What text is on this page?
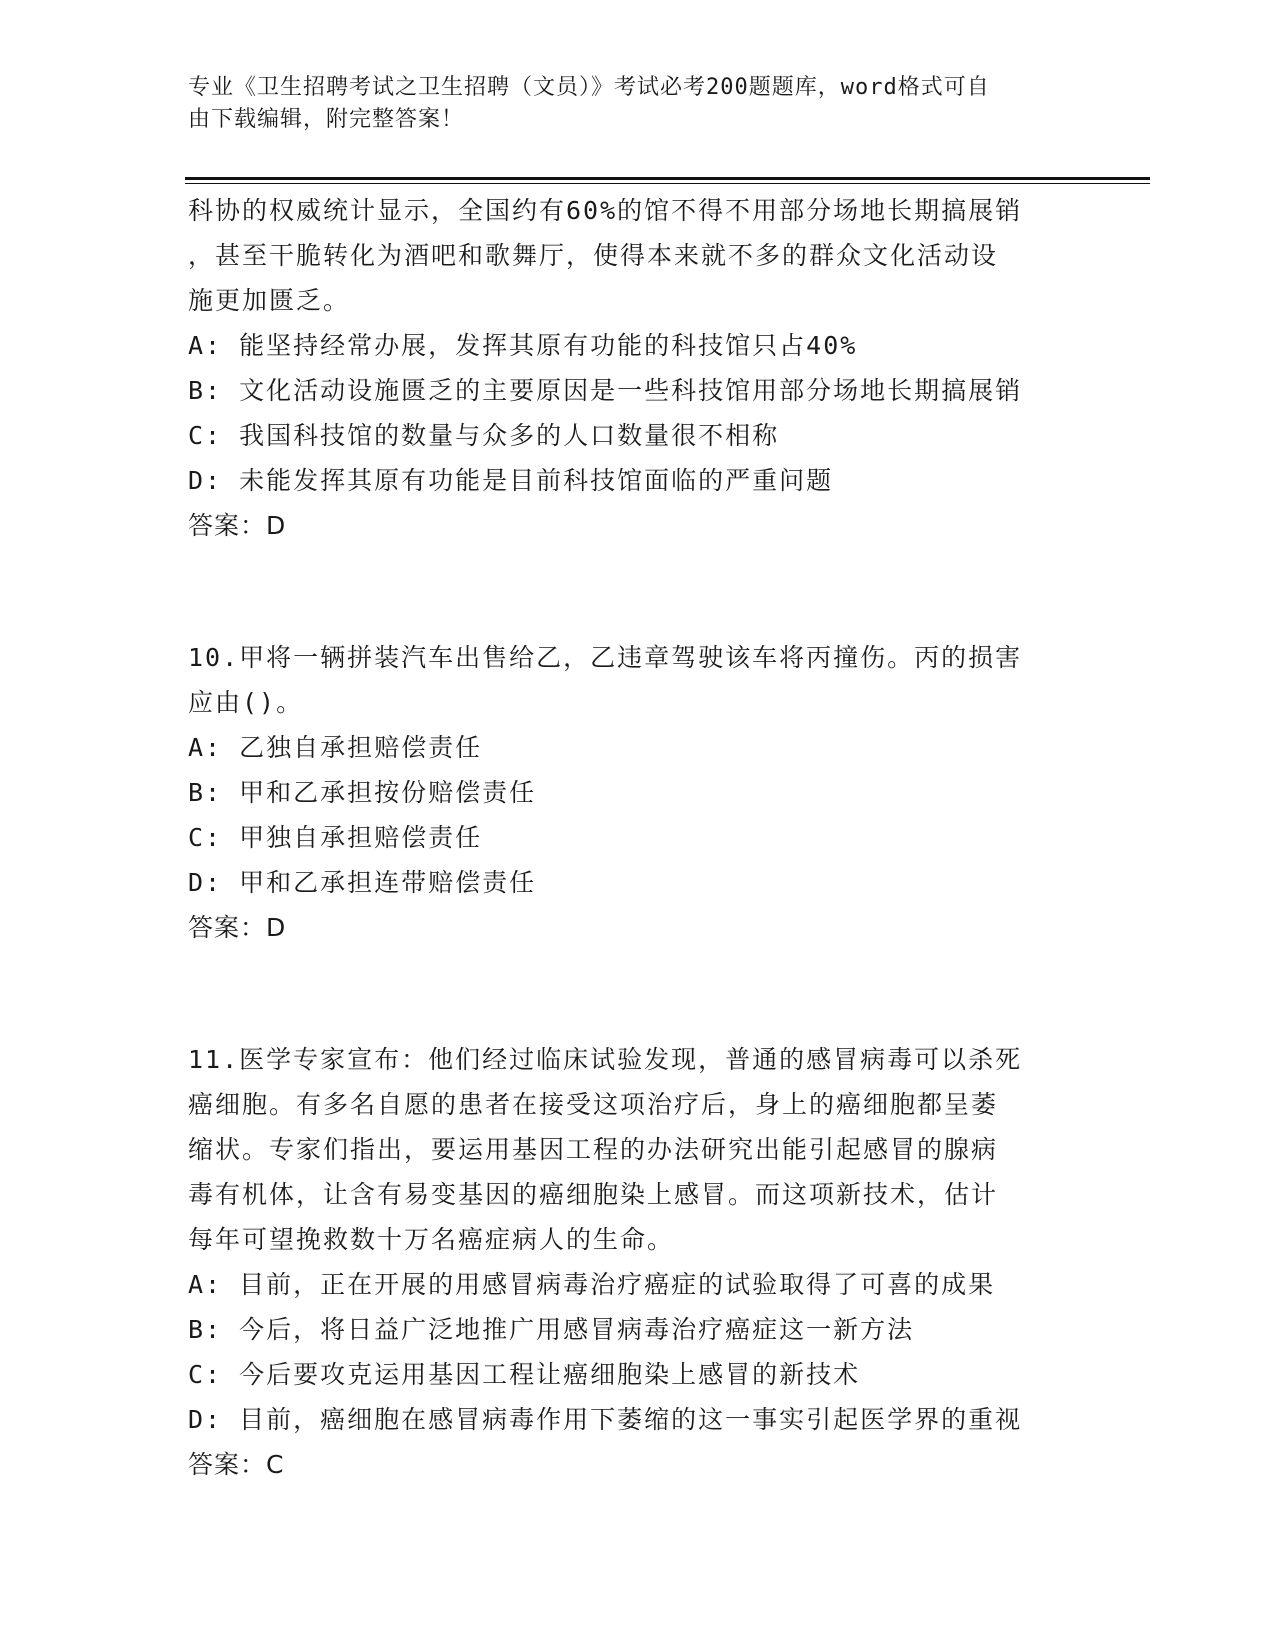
专业《卫生招聘考试之卫生招聘（文员）》考试必考200题题库，word格式可自
由下载编辑，附完整答案！
科协的权威统计显示，全国约有60%的馆不得不用部分场地长期搞展销
，甚至干脆转化为酒吧和歌舞厅，使得本来就不多的群众文化活动设
施更加匮乏。
A: 能坚持经常办展，发挥其原有功能的科技馆只占40%
B: 文化活动设施匮乏的主要原因是一些科技馆用部分场地长期搞展销
C: 我国科技馆的数量与众多的人口数量很不相称
D: 未能发挥其原有功能是目前科技馆面临的严重问题
答案：D
10.甲将一辆拼装汽车出售给乙，乙违章驾驶该车将丙撞伤。丙的损害
应由()。
A: 乙独自承担赔偿责任
B: 甲和乙承担按份赔偿责任
C: 甲独自承担赔偿责任
D: 甲和乙承担连带赔偿责任
答案：D
11.医学专家宣布：他们经过临床试验发现，普通的感冒病毒可以杀死
癌细胞。有多名自愿的患者在接受这项治疗后，身上的癌细胞都呈萎
缩状。专家们指出，要运用基因工程的办法研究出能引起感冒的腺病
毒有机体，让含有易变基因的癌细胞染上感冒。而这项新技术，估计
每年可望挽救数十万名癌症病人的生命。
A: 目前，正在开展的用感冒病毒治疗癌症的试验取得了可喜的成果
B: 今后，将日益广泛地推广用感冒病毒治疗癌症这一新方法
C: 今后要攻克运用基因工程让癌细胞染上感冒的新技术
D: 目前，癌细胞在感冒病毒作用下萎缩的这一事实引起医学界的重视
答案：C
